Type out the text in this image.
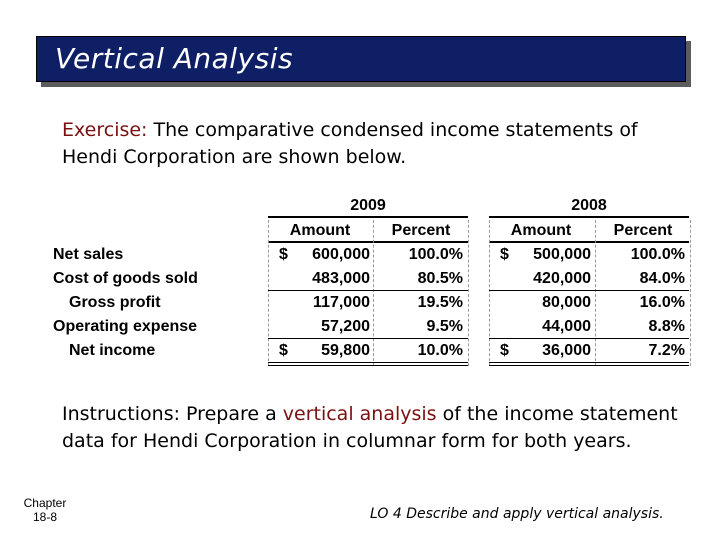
Vertical Analysis
Exercise: The comparative condensed income statements of Hendi Corporation are shown below.
2009	2008
Amount	Percent	Amount	Percent
Net sales	$	600,000	100.0% $	500,000	100.0%
Cost of goods sold	483,000	80.5%	420,000	84.0%
Gross profit	117,000	19.5%	80,000	16.0%
Operating expense	57,200	9.5%	44,000	8.8%
Net income	$	59,800	10.0% $	36,000	7.2%
Instructions: Prepare a vertical analysis of the income statement data for Hendi Corporation in columnar form for both years.
Chapter
18-8	LO 4 Describe and apply vertical analysis.
